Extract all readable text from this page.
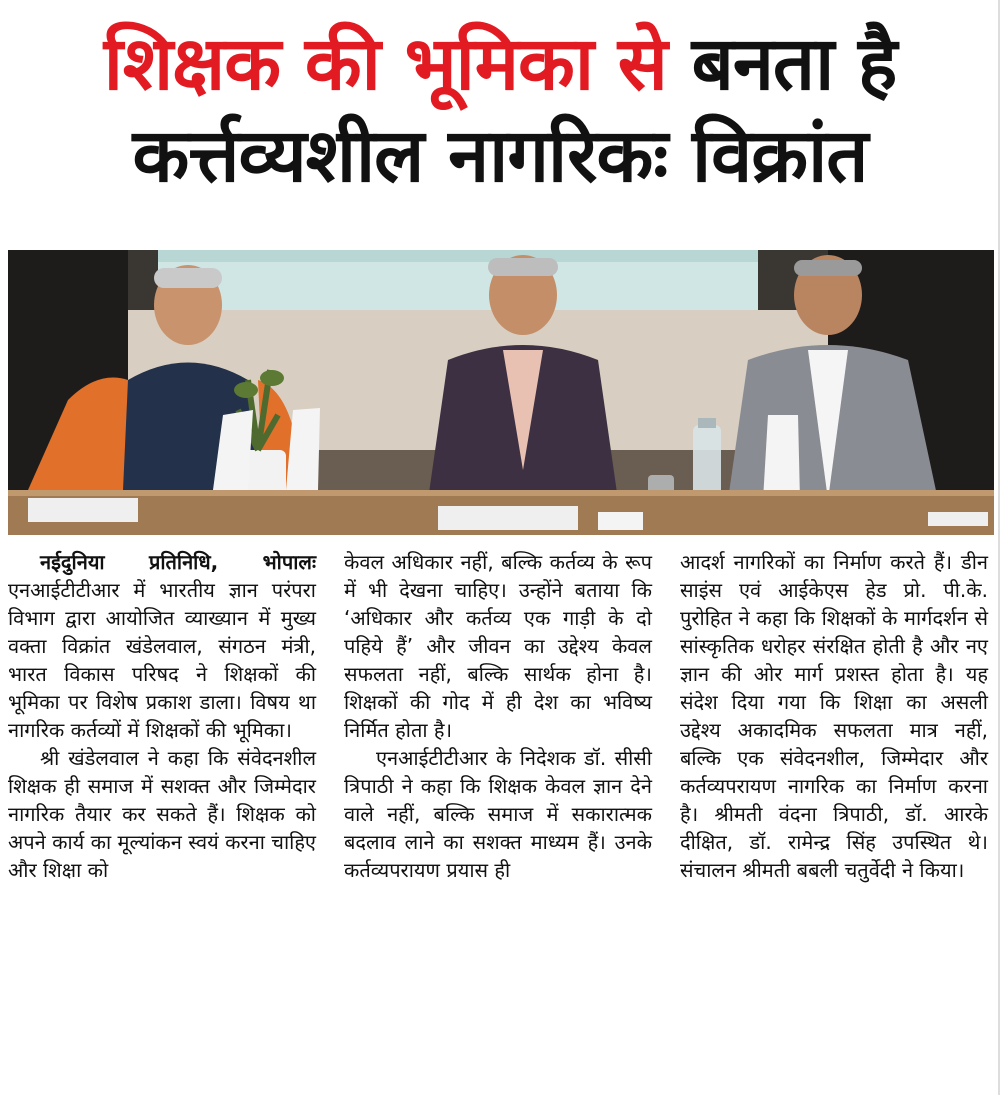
शिक्षक की भूमिका से बनता है
कर्त्तव्यशील नागरिकः विक्रांत

नईदुनिया प्रतिनिधि, भोपालः एनआईटीटीआर में भारतीय ज्ञान परंपरा विभाग द्वारा आयोजित व्याख्यान में मुख्य वक्ता विक्रांत खंडेलवाल, संगठन मंत्री, भारत विकास परिषद ने शिक्षकों की भूमिका पर विशेष प्रकाश डाला। विषय था नागरिक कर्तव्यों में शिक्षकों की भूमिका।

श्री खंडेलवाल ने कहा कि संवेदनशील शिक्षक ही समाज में सशक्त और जिम्मेदार नागरिक तैयार कर सकते हैं। शिक्षक को अपने कार्य का मूल्यांकन स्वयं करना चाहिए और शिक्षा को

केवल अधिकार नहीं, बल्कि कर्तव्य के रूप में भी देखना चाहिए। उन्होंने बताया कि ‘अधिकार और कर्तव्य एक गाड़ी के दो पहिये हैं’ और जीवन का उद्देश्य केवल सफलता नहीं, बल्कि सार्थक होना है। शिक्षकों की गोद में ही देश का भविष्य निर्मित होता है।

एनआईटीटीआर के निदेशक डॉ. सीसी त्रिपाठी ने कहा कि शिक्षक केवल ज्ञान देने वाले नहीं, बल्कि समाज में सकारात्मक बदलाव लाने का सशक्त माध्यम हैं। उनके कर्तव्यपरायण प्रयास ही

आदर्श नागरिकों का निर्माण करते हैं। डीन साइंस एवं आईकेएस हेड प्रो. पी.के. पुरोहित ने कहा कि शिक्षकों के मार्गदर्शन से सांस्कृतिक धरोहर संरक्षित होती है और नए ज्ञान की ओर मार्ग प्रशस्त होता है। यह संदेश दिया गया कि शिक्षा का असली उद्देश्य अकादमिक सफलता मात्र नहीं, बल्कि एक संवेदनशील, जिम्मेदार और कर्तव्यपरायण नागरिक का निर्माण करना है। श्रीमती वंदना त्रिपाठी, डॉ. आरके दीक्षित, डॉ. रामेन्द्र सिंह उपस्थित थे। संचालन श्रीमती बबली चतुर्वेदी ने किया।
